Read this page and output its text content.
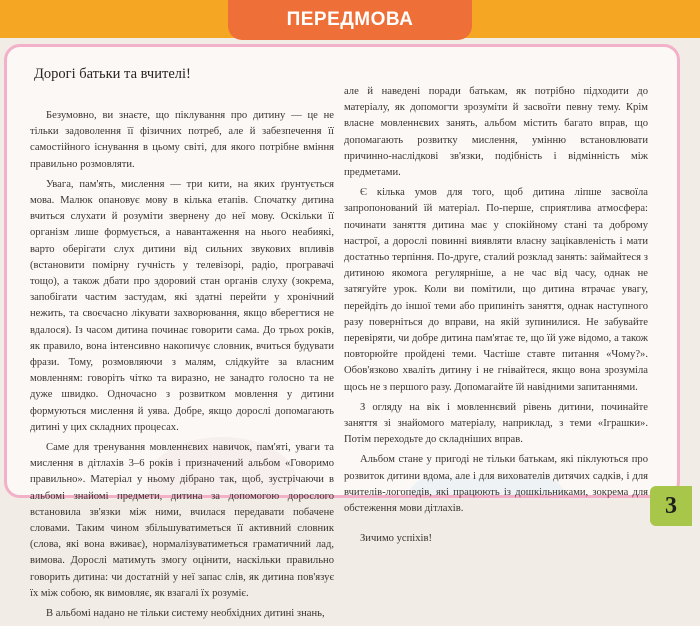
ПЕРЕДМОВА
Дорогі батьки та вчителі!

Безумовно, ви знаєте, що піклування про дитину — це не тільки задоволення її фізичних потреб, але й забезпечення її самостійного існування в цьому світі, для якого потрібне вміння правильно розмовляти.

Увага, пам'ять, мислення — три кити, на яких ґрунтується мова. Малюк опановує мову в кілька етапів. Спочатку дитина вчиться слухати й розуміти звернену до неї мову. Оскільки її організм лише формується, а навантаження на нього неабиякі, варто оберігати слух дитини від сильних звукових впливів (встановити помірну гучність у телевізорі, радіо, програвачі тощо), а також дбати про здоровий стан органів слуху (зокрема, запобігати частим застудам, які здатні перейти у хронічний нежить, та своєчасно лікувати захворювання, якщо вберегтися не вдалося). Із часом дитина починає говорити сама. До трьох років, як правило, вона інтенсивно накопичує словник, вчиться будувати фрази. Тому, розмовляючи з малям, слідкуйте за власним мовленням: говоріть чітко та виразно, не занадто голосно та не дуже швидко. Одночасно з розвитком мовлення у дитини формуються мислення й уява. Добре, якщо дорослі допомагають дитині у цих складних процесах.

Саме для тренування мовленнєвих навичок, пам'яті, уваги та мислення в дітлахів 3–6 років і призначений альбом «Говоримо правильно». Матеріал у ньому дібрано так, щоб, зустрічаючи в альбомі знайомі предмети, дитина за допомогою дорослого встановила зв'язки між ними, вчилася передавати побачене словами. Таким чином збільшуватиметься її активний словник (слова, які вона вживає), нормалізуватиметься граматичний лад, вимова. Дорослі матимуть змогу оцінити, наскільки правильно говорить дитина: чи достатній у неї запас слів, як дитина пов'язує їх між собою, як вимовляє, як взагалі їх розуміє.

В альбомі надано не тільки систему необхідних дитині знань,

але й наведені поради батькам, як потрібно підходити до матеріалу, як допомогти зрозуміти й засвоїти певну тему. Крім власне мовленнєвих занять, альбом містить багато вправ, що допомагають розвитку мислення, умінню встановлювати причинно-наслідкові зв'язки, подібність і відмінність між предметами.

Є кілька умов для того, щоб дитина ліпше засвоїла запропонований їй матеріал. По-перше, сприятлива атмосфера: починати заняття дитина має у спокійному стані та доброму настрої, а дорослі повинні виявляти власну зацікавленість і мати достатньо терпіння. По-друге, сталий розклад занять: займайтеся з дитиною якомога регулярніше, а не час від часу, однак не затягуйте урок. Коли ви помітили, що дитина втрачає увагу, перейдіть до іншої теми або припиніть заняття, однак наступного разу поверніться до вправи, на якій зупинилися. Не забувайте перевіряти, чи добре дитина пам'ятає те, що їй уже відомо, а також повторюйте пройдені теми. Частіше ставте питання «Чому?». Обов'язково хваліть дитину і не гнівайтеся, якщо вона зрозуміла щось не з першого разу. Допомагайте їй навідними запитаннями.

З огляду на вік і мовленнєвий рівень дитини, починайте заняття зі знайомого матеріалу, наприклад, з теми «Іграшки». Потім переходьте до складніших вправ.

Альбом стане у пригоді не тільки батькам, які піклуються про розвиток дитини вдома, але і для вихователів дитячих садків, і для вчителів-логопедів, які працюють із дошкільниками, зокрема для обстеження мови дітлахів.

Зичимо успіхів!

3
